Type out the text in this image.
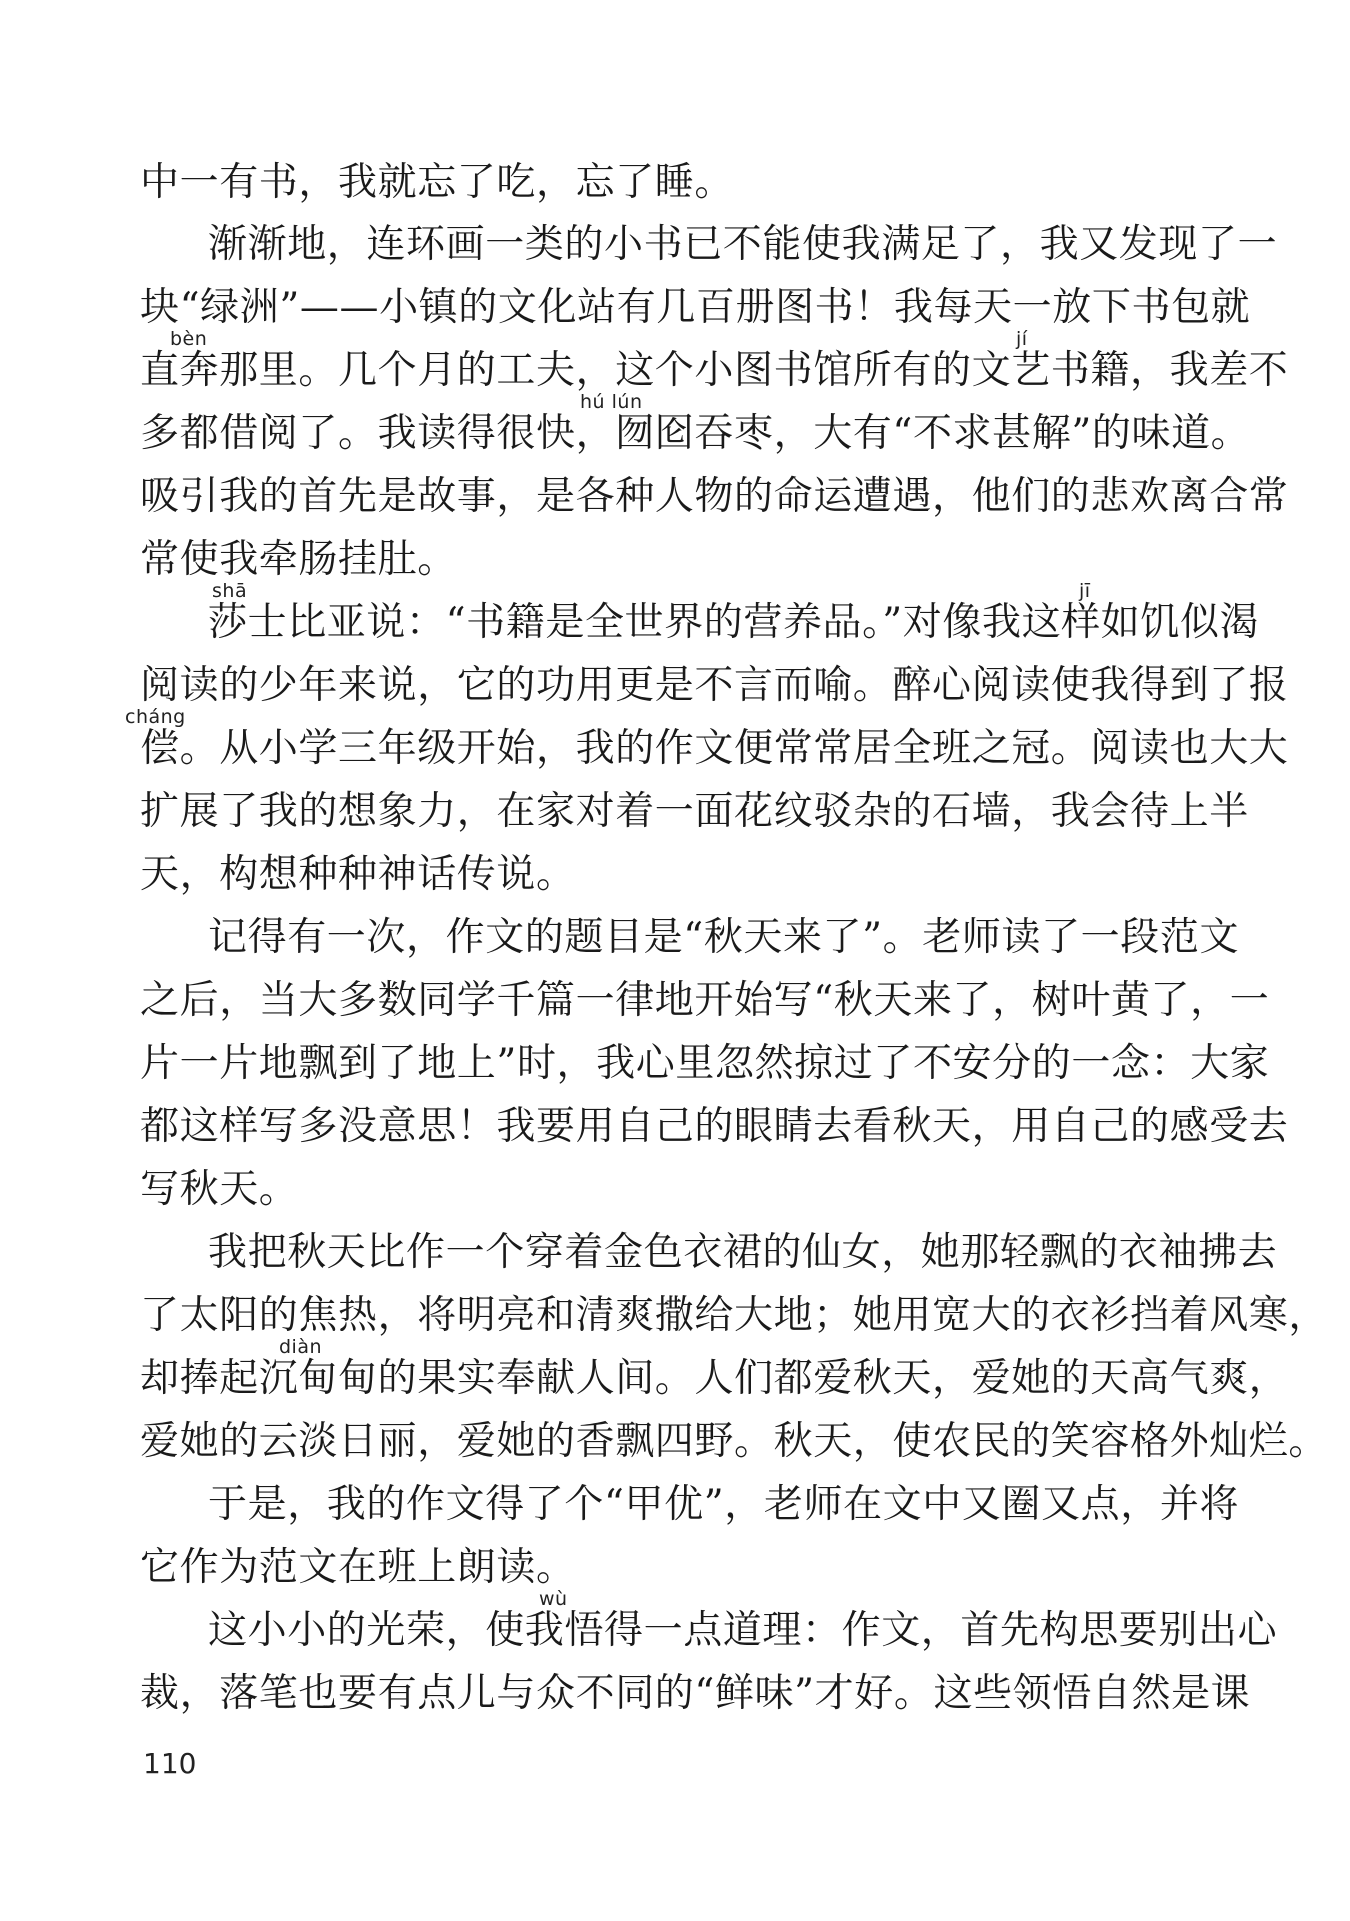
中一有书，我就忘了吃，忘了睡。

渐渐地，连环画一类的小书已不能使我满足了，我又发现了一

块“绿洲”——小镇的文化站有几百册图书！我每天一放下书包就

直奔那里。几个月的工夫，这个小图书馆所有的文艺书籍，我差不

多都借阅了。我读得很快，囫囵吞枣，大有“不求甚解”的味道。

吸引我的首先是故事，是各种人物的命运遭遇，他们的悲欢离合常

常使我牵肠挂肚。

莎士比亚说：“书籍是全世界的营养品。”对像我这样如饥似渴

阅读的少年来说，它的功用更是不言而喻。醉心阅读使我得到了报

偿。从小学三年级开始，我的作文便常常居全班之冠。阅读也大大

扩展了我的想象力，在家对着一面花纹驳杂的石墙，我会待上半

天，构想种种神话传说。

记得有一次，作文的题目是“秋天来了”。老师读了一段范文

之后，当大多数同学千篇一律地开始写“秋天来了，树叶黄了，一

片一片地飘到了地上”时，我心里忽然掠过了不安分的一念：大家

都这样写多没意思！我要用自己的眼睛去看秋天，用自己的感受去

写秋天。

我把秋天比作一个穿着金色衣裙的仙女，她那轻飘的衣袖拂去

了太阳的焦热，将明亮和清爽撒给大地；她用宽大的衣衫挡着风寒，

却捧起沉甸甸的果实奉献人间。人们都爱秋天，爱她的天高气爽，

爱她的云淡日丽，爱她的香飘四野。秋天，使农民的笑容格外灿烂。

于是，我的作文得了个“甲优”，老师在文中又圈又点，并将

它作为范文在班上朗读。

这小小的光荣，使我悟得一点道理：作文，首先构思要别出心

裁，落笔也要有点儿与众不同的“鲜味”才好。这些领悟自然是课

bèn	jí
hú lún
shā	jī
cháng
diàn
wù
110
